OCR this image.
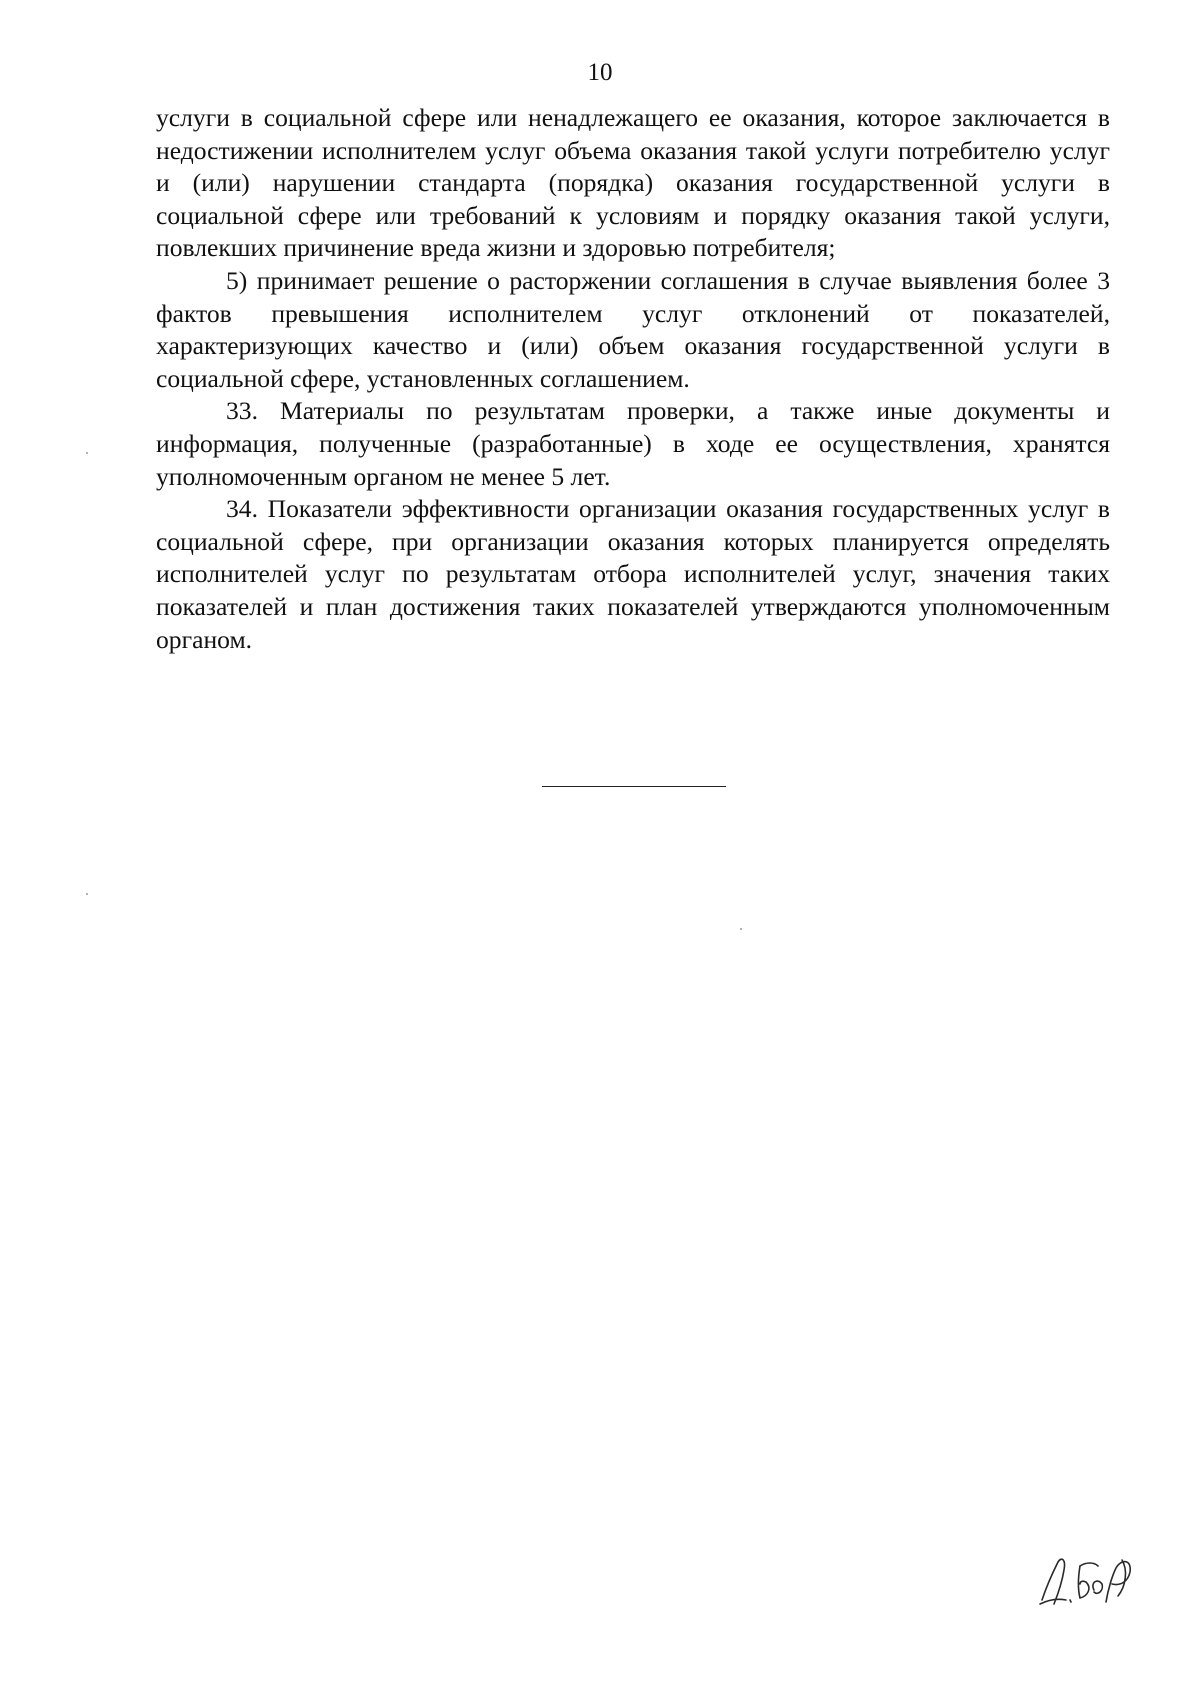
10

услуги в социальной сфере или ненадлежащего ее оказания, которое заключается в недостижении исполнителем услуг объема оказания такой услуги потребителю услуг и (или) нарушении стандарта (порядка) оказания государственной услуги в социальной сфере или требований к условиям и порядку оказания такой услуги, повлекших причинение вреда жизни и здоровью потребителя;

5) принимает решение о расторжении соглашения в случае выявления более 3 фактов превышения исполнителем услуг отклонений от показателей, характеризующих качество и (или) объем оказания государственной услуги в социальной сфере, установленных соглашением.

33. Материалы по результатам проверки, а также иные документы и информация, полученные (разработанные) в ходе ее осуществления, хранятся уполномоченным органом не менее 5 лет.

34. Показатели эффективности организации оказания государственных услуг в социальной сфере, при организации оказания которых планируется определять исполнителей услуг по результатам отбора исполнителей услуг, значения таких показателей и план достижения таких показателей утверждаются уполномоченным органом.
